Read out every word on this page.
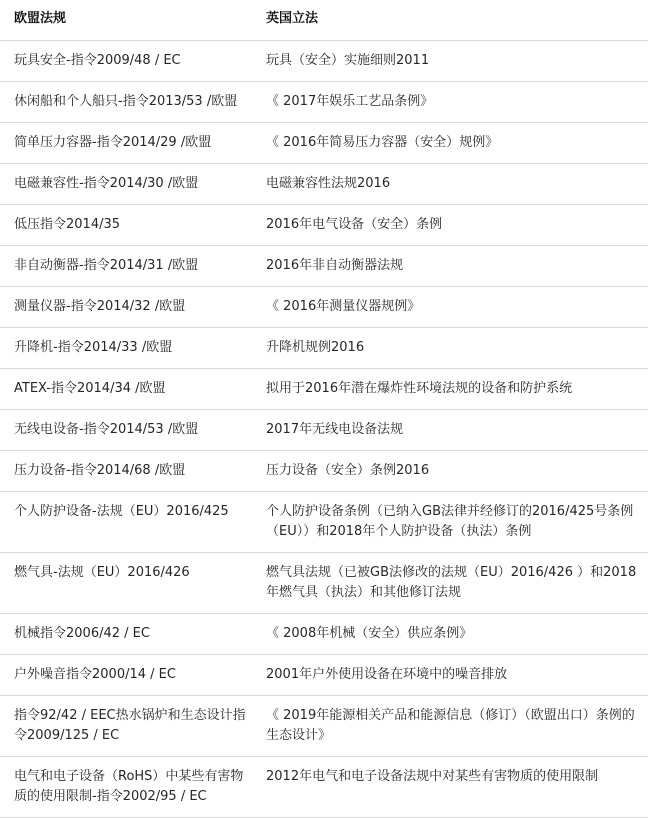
欧盟法规	英国立法
玩具安全-指令2009/48 / EC	玩具（安全）实施细则2011
休闲船和个人船只-指令2013/53 /欧盟	《 2017年娱乐工艺品条例》
简单压力容器-指令2014/29 /欧盟	《 2016年简易压力容器（安全）规例》
电磁兼容性-指令2014/30 /欧盟	电磁兼容性法规2016
低压指令2014/35	2016年电气设备（安全）条例
非自动衡器-指令2014/31 /欧盟	2016年非自动衡器法规
测量仪器-指令2014/32 /欧盟	《 2016年测量仪器规例》
升降机-指令2014/33 /欧盟	升降机规例2016
ATEX-指令2014/34 /欧盟	拟用于2016年潜在爆炸性环境法规的设备和防护系统
无线电设备-指令2014/53 /欧盟	2017年无线电设备法规
压力设备-指令2014/68 /欧盟	压力设备（安全）条例2016
个人防护设备-法规（EU）2016/425	个人防护设备条例（已纳入GB法律并经修订的2016/425号条例（EU））和2018年个人防护设备（执法）条例
燃气具-法规（EU）2016/426	燃气具法规（已被GB法修改的法规（EU）2016/426 ）和2018年燃气具（执法）和其他修订法规
机械指令2006/42 / EC	《 2008年机械（安全）供应条例》
户外噪音指令2000/14 / EC	2001年户外使用设备在环境中的噪音排放
指令92/42 / EEC热水锅炉和生态设计指令2009/125 / EC	《 2019年能源相关产品和能源信息（修订）（欧盟出口）条例的生态设计》
电气和电子设备（RoHS）中某些有害物质的使用限制-指令2002/95 / EC	2012年电气和电子设备法规中对某些有害物质的使用限制
